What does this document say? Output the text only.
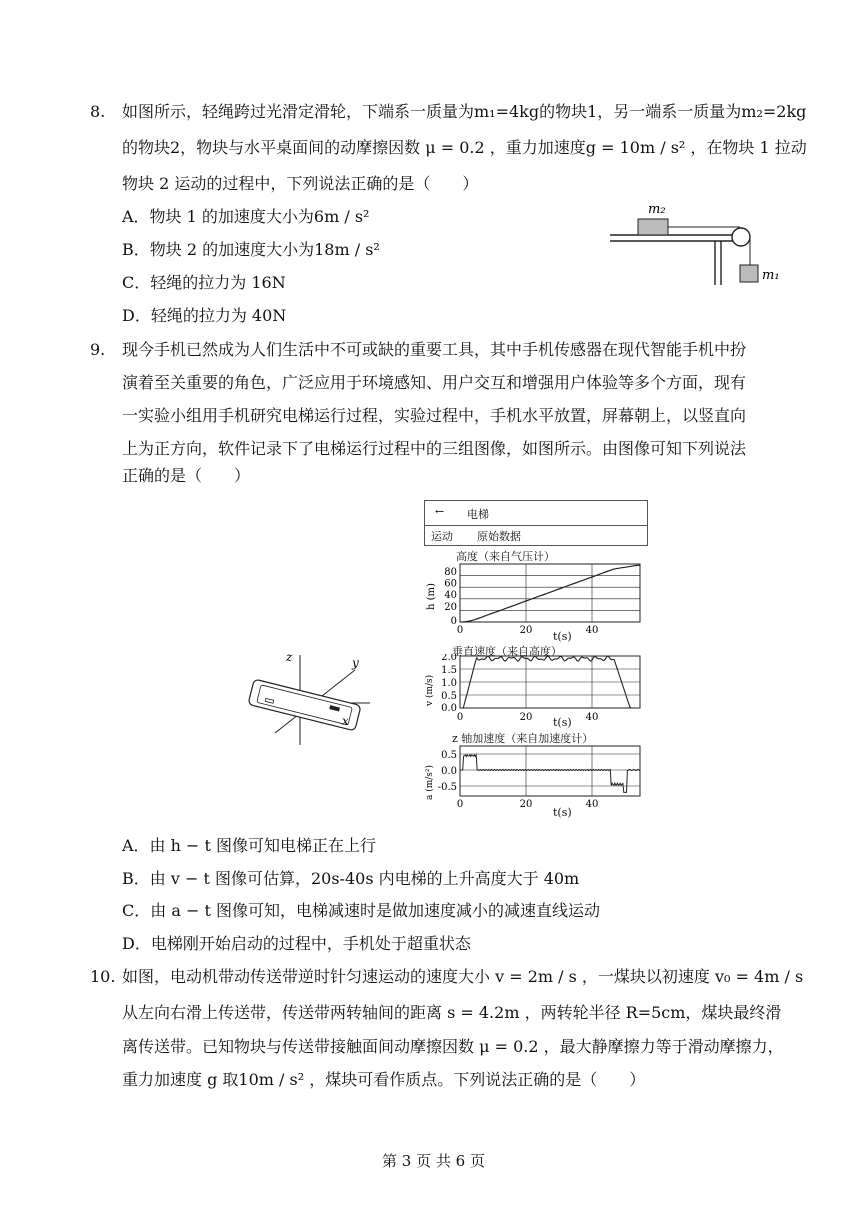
8. 如图所示，轻绳跨过光滑定滑轮，下端系一质量为m₁=4kg的物块1，另一端系一质量为m₂=2kg
的物块2，物块与水平桌面间的动摩擦因数 μ = 0.2 ，重力加速度g = 10m / s² ，在物块 1 拉动
物块 2 运动的过程中，下列说法正确的是（　　）
A．物块 1 的加速度大小为6m / s²
B．物块 2 的加速度大小为18m / s²
C．轻绳的拉力为 16N
D．轻绳的拉力为 40N
m₂
m₁
9. 现今手机已然成为人们生活中不可或缺的重要工具，其中手机传感器在现代智能手机中扮
演着至关重要的角色，广泛应用于环境感知、用户交互和增强用户体验等多个方面，现有
一实验小组用手机研究电梯运行过程，实验过程中，手机水平放置，屏幕朝上，以竖直向
上为正方向，软件记录下了电梯运行过程中的三组图像，如图所示。由图像可知下列说法
正确的是（　　）
z	y
x
← 电梯
运动 原始数据
高度（来自气压计）
80
60
40
20
0
0	20	40
h (m)
t(s)
垂直速度（来自高度）
2.0
1.5
1.0
0.5
0.0
0	20	40
v (m/s)
t(s)
z 轴加速度（来自加速度计）
0.5
0.0
-0.5
0	20	40
a (m/s²)
t(s)
A．由 h − t 图像可知电梯正在上行
B．由 v − t 图像可估算，20s-40s 内电梯的上升高度大于 40m
C．由 a − t 图像可知，电梯减速时是做加速度减小的减速直线运动
D．电梯刚开始启动的过程中，手机处于超重状态
10. 如图，电动机带动传送带逆时针匀速运动的速度大小 v = 2m / s ，一煤块以初速度 v₀ = 4m / s
从左向右滑上传送带，传送带两转轴间的距离 s = 4.2m ，两转轮半径 R=5cm，煤块最终滑
离传送带。已知物块与传送带接触面间动摩擦因数 μ = 0.2 ，最大静摩擦力等于滑动摩擦力，
重力加速度 g 取10m / s² ，煤块可看作质点。下列说法正确的是（　　）
第 3 页 共 6 页
